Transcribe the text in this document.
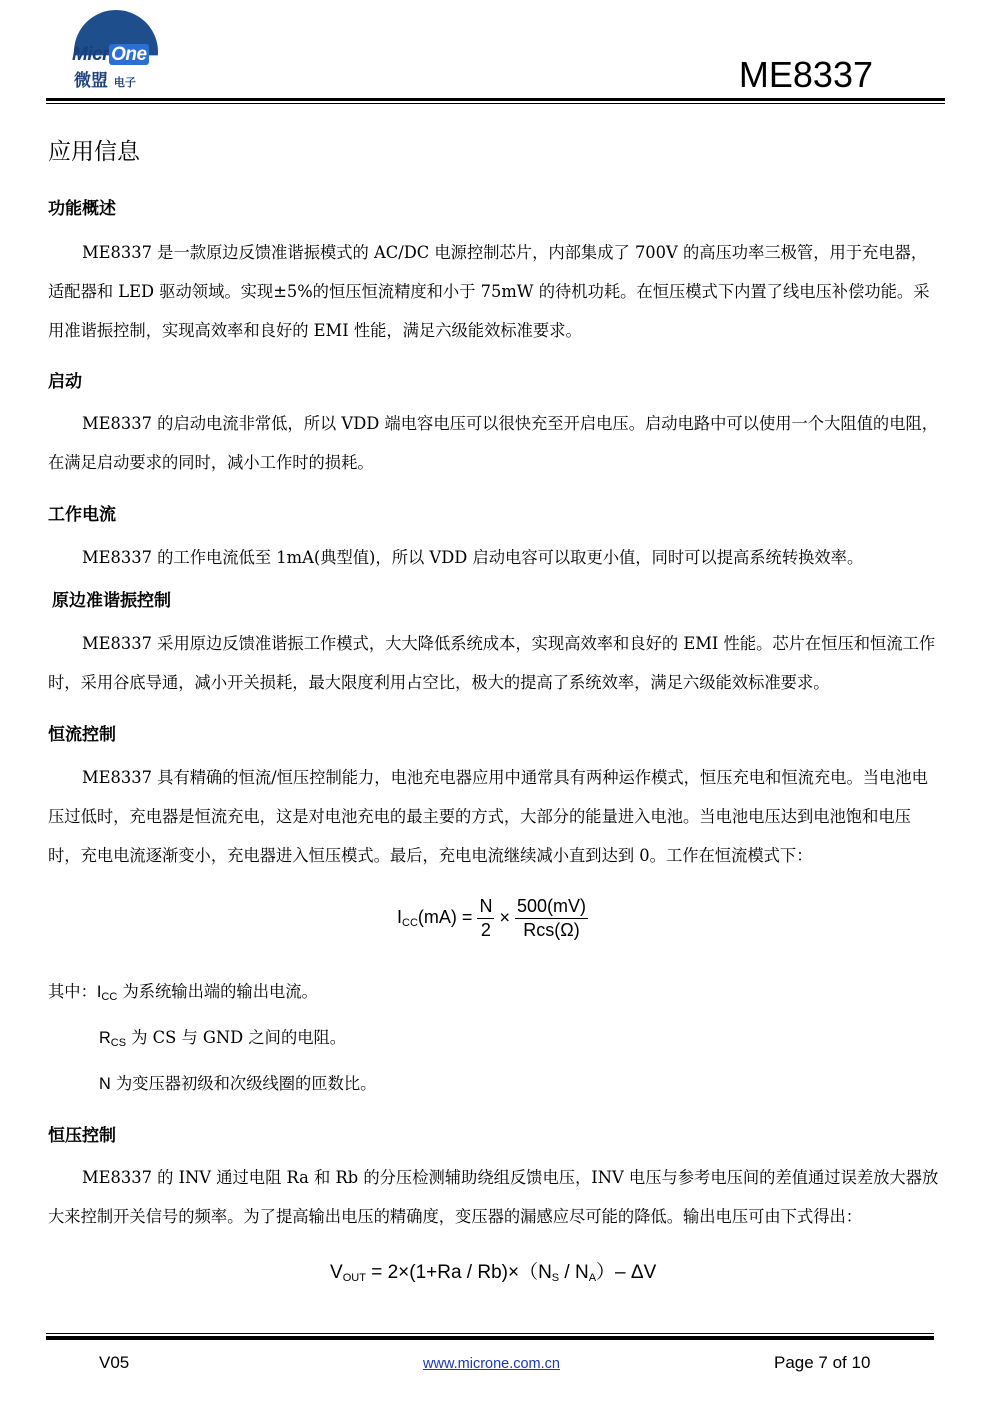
Micr One
微盟 电子	ME8337
应用信息
功能概述
ME8337 是一款原边反馈准谐振模式的 AC/DC 电源控制芯片，内部集成了 700V 的高压功率三极管，用于充电器，适配器和 LED 驱动领域。实现±5%的恒压恒流精度和小于 75mW 的待机功耗。在恒压模式下内置了线电压补偿功能。采用准谐振控制，实现高效率和良好的 EMI 性能，满足六级能效标准要求。
启动
ME8337 的启动电流非常低，所以 VDD 端电容电压可以很快充至开启电压。启动电路中可以使用一个大阻值的电阻，在满足启动要求的同时，减小工作时的损耗。
工作电流
ME8337 的工作电流低至 1mA(典型值)，所以 VDD 启动电容可以取更小值，同时可以提高系统转换效率。
原边准谐振控制
ME8337 采用原边反馈准谐振工作模式，大大降低系统成本，实现高效率和良好的 EMI 性能。芯片在恒压和恒流工作时，采用谷底导通，减小开关损耗，最大限度利用占空比，极大的提高了系统效率，满足六级能效标准要求。
恒流控制
ME8337 具有精确的恒流/恒压控制能力，电池充电器应用中通常具有两种运作模式，恒压充电和恒流充电。当电池电压过低时，充电器是恒流充电，这是对电池充电的最主要的方式，大部分的能量进入电池。当电池电压达到电池饱和电压时，充电电流逐渐变小，充电器进入恒压模式。最后，充电电流继续减小直到达到 0。工作在恒流模式下：
$I_{CC}(mA) = \frac{N}{2} \times \frac{500(mV)}{\text{Rcs(Ω)}}$
其中：$I_{CC}$ 为系统输出端的输出电流。
$R_{CS}$ 为 CS 与 GND 之间的电阻。
N 为变压器初级和次级线圈的匝数比。
恒压控制
ME8337 的 INV 通过电阻 Ra 和 Rb 的分压检测辅助绕组反馈电压，INV 电压与参考电压间的差值通过误差放大器放大来控制开关信号的频率。为了提高输出电压的精确度，变压器的漏感应尽可能的降低。输出电压可由下式得出：
$V_{OUT} = 2\times(1+Ra / Rb)\times(N_S / N_A)-$ ΔV
V05	www.microne.com.cn	Page 7 of 10
